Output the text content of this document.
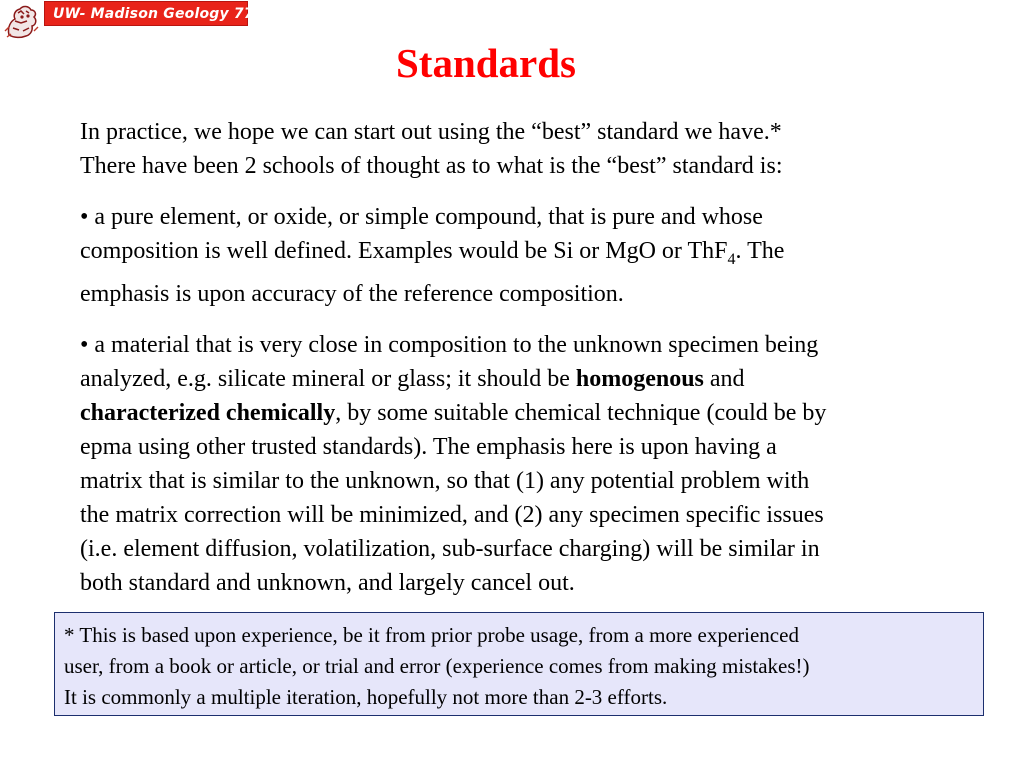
UW- Madison Geology 777
Standards

In practice, we hope we can start out using the “best” standard we have.*
There have been 2 schools of thought as to what is the “best” standard is:

• a pure element, or oxide, or simple compound, that is pure and whose
composition is well defined. Examples would be Si or MgO or ThF$_4$. The
emphasis is upon accuracy of the reference composition.

• a material that is very close in composition to the unknown specimen being
analyzed, e.g. silicate mineral or glass; it should be homogenous and
characterized chemically, by some suitable chemical technique (could be by
epma using other trusted standards). The emphasis here is upon having a
matrix that is similar to the unknown, so that (1) any potential problem with
the matrix correction will be minimized, and (2) any specimen specific issues
(i.e. element diffusion, volatilization, sub-surface charging) will be similar in
both standard and unknown, and largely cancel out.

* This is based upon experience, be it from prior probe usage, from a more experienced
user, from a book or article, or trial and error (experience comes from making mistakes!)
It is commonly a multiple iteration, hopefully not more than 2-3 efforts.
